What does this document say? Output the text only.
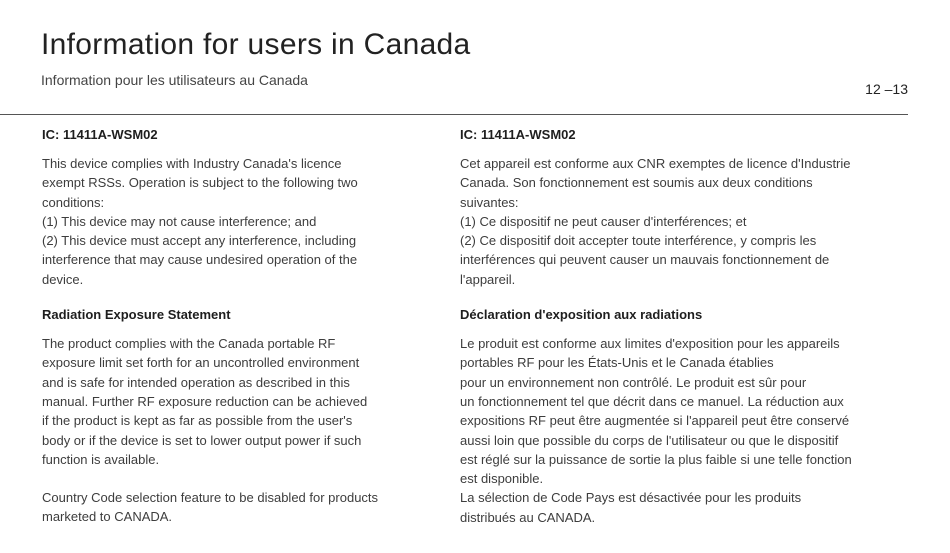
Information for users in Canada
Information pour les utilisateurs au Canada
12 –13
IC: 11411A-WSM02

This device complies with Industry Canada's licence

exempt RSSs. Operation is subject to the following two

conditions:

(1) This device may not cause interference; and

(2) This device must accept any interference, including

interference that may cause undesired operation of the

device.

Radiation Exposure Statement

The product complies with the Canada portable RF

exposure limit set forth for an uncontrolled environment

and is safe for intended operation as described in this

manual. Further RF exposure reduction can be achieved

if the product is kept as far as possible from the user's

body or if the device is set to lower output power if such

function is available.

Country Code selection feature to be disabled for products

marketed to CANADA.

IC: 11411A-WSM02

Cet appareil est conforme aux CNR exemptes de licence d'Industrie

Canada. Son fonctionnement est soumis aux deux conditions

suivantes:

(1) Ce dispositif ne peut causer d'interférences; et

(2) Ce dispositif doit accepter toute interférence, y compris les

interférences qui peuvent causer un mauvais fonctionnement de

l'appareil.

Déclaration d'exposition aux radiations

Le produit est conforme aux limites d'exposition pour les appareils

portables RF pour les États-Unis et le Canada établies

pour un environnement non contrôlé. Le produit est sûr pour

un fonctionnement tel que décrit dans ce manuel. La réduction aux

expositions RF peut être augmentée si l'appareil peut être conservé

aussi loin que possible du corps de l'utilisateur ou que le dispositif

est réglé sur la puissance de sortie la plus faible si une telle fonction

est disponible.

La sélection de Code Pays est désactivée pour les produits

distribués au CANADA.
